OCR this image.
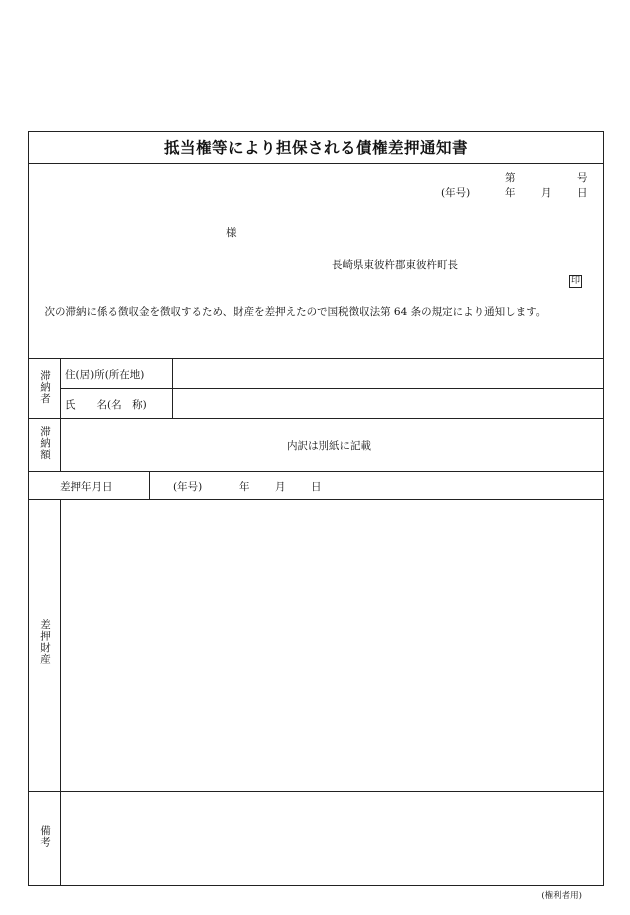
抵当権等により担保される債権差押通知書
第	号
(年号)	年 月 日
様
長崎県東彼杵郡東彼杵町長
印
次の滞納に係る徴収金を徴収するため、財産を差押えたので国税徴収法第 64 条の規定により通知します。
滞納者 住(居)所(所在地)
氏　　名(名　称)
滞納額	内訳は別紙に記載
差押年月日	(年号)	年 月 日
差押財産
備考
(権利者用)
